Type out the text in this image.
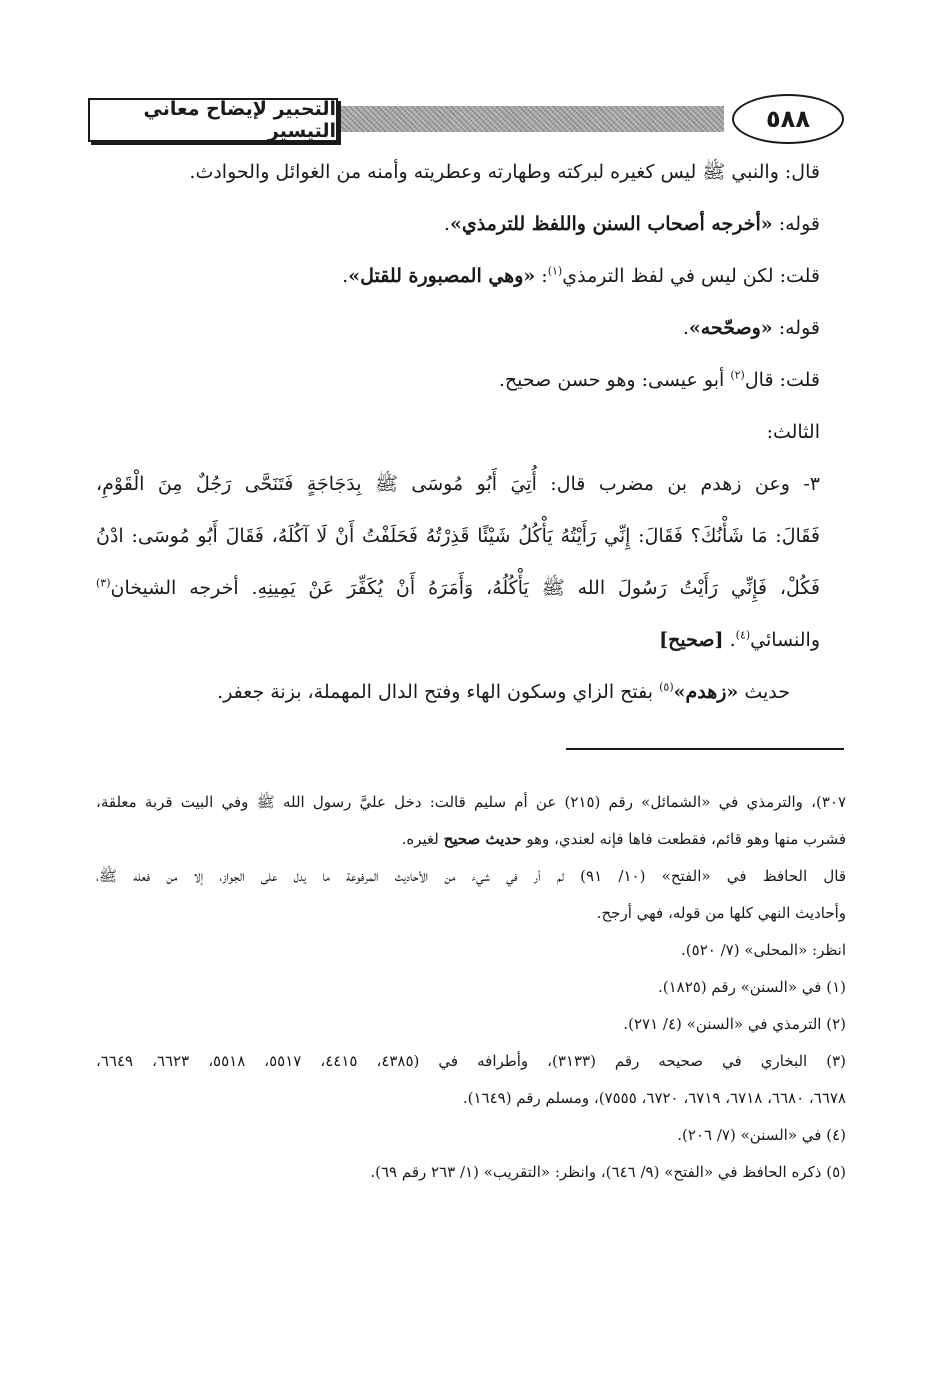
التحبير لإيضاح معاني التيسير	٥٨٨

قال: والنبي ﷺ ليس كغيره لبركته وطهارته وعطريته وأمنه من الغوائل والحوادث.

قوله: «أخرجه أصحاب السنن واللفظ للترمذي».

قلت: لكن ليس في لفظ الترمذي$^{(١)}$: «وهي المصبورة للقتل».

قوله: «وصحّحه».

قلت: قال$^{(٢)}$ أبو عيسى: وهو حسن صحيح.

الثالث:

٣- وعن زهدم بن مضرب قال: أُتِيَ أَبُو مُوسَى ﷺ بِدَجَاجَةٍ فَتَنَحَّى رَجُلٌ مِنَ الْقَوْمِ،

فَقَالَ: مَا شَأْنُكَ؟ فَقَالَ: إِنِّي رَأَيْتُهُ يَأْكُلُ شَيْئًا قَذِرْتُهُ فَحَلَفْتُ أَنْ لَا آكُلَهُ، فَقَالَ أَبُو مُوسَى: ادْنُ

فَكُلْ، فَإِنِّي رَأَيْتُ رَسُولَ الله ﷺ يَأْكُلُهُ، وَأَمَرَهُ أَنْ يُكَفِّرَ عَنْ يَمِينِهِ. أخرجه الشيخان$^{(٣)}$

والنسائي$^{(٤)}$. [صحيح]

حديث «زهدم»$^{(٥)}$ بفتح الزاي وسكون الهاء وفتح الدال المهملة، بزنة جعفر.

٣٠٧)، والترمذي في «الشمائل» رقم (٢١٥) عن أم سليم قالت: دخل عليَّ رسول الله ﷺ وفي البيت قربة معلقة،

فشرب منها وهو قائم، فقطعت فاها فإنه لعندي، وهو حديث صحيح لغيره.

قال الحافظ في «الفتح» (١٠/ ٩١) لم أر في شيء من الأحاديث المرفوعة ما يدل على الجواز، إلا من فعله ﷺ،

وأحاديث النهي كلها من قوله، فهي أرجح.

انظر: «المحلى» (٧/ ٥٢٠).

(١) في «السنن» رقم (١٨٢٥).

(٢) الترمذي في «السنن» (٤/ ٢٧١).

(٣) البخاري في صحيحه رقم (٣١٣٣)، وأطرافه في (٤٣٨٥، ٤٤١٥، ٥٥١٧، ٥٥١٨، ٦٦٢٣، ٦٦٤٩،

٦٦٧٨، ٦٦٨٠، ٦٧١٨، ٦٧١٩، ٦٧٢٠، ٧٥٥٥)، ومسلم رقم (١٦٤٩).

(٤) في «السنن» (٧/ ٢٠٦).

(٥) ذكره الحافظ في «الفتح» (٩/ ٦٤٦)، وانظر: «التقريب» (١/ ٢٦٣ رقم ٦٩).
